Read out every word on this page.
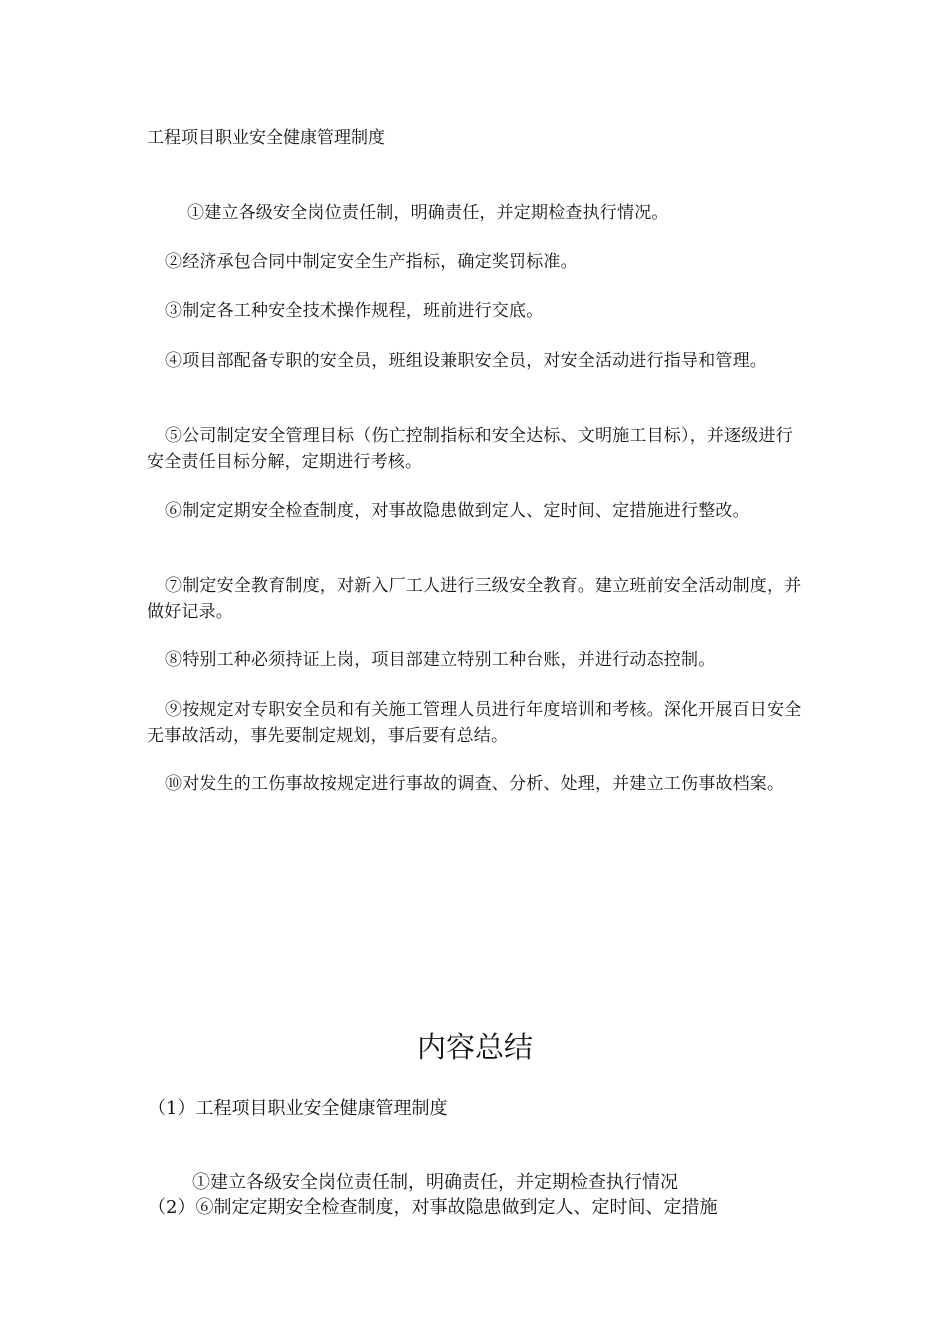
工程项目职业安全健康管理制度
①建立各级安全岗位责任制，明确责任，并定期检查执行情况。
②经济承包合同中制定安全生产指标，确定奖罚标准。
③制定各工种安全技术操作规程，班前进行交底。
④项目部配备专职的安全员，班组设兼职安全员，对安全活动进行指导和管理。
⑤公司制定安全管理目标（伤亡控制指标和安全达标、文明施工目标），并逐级进行安全责任目标分解，定期进行考核。
⑥制定定期安全检查制度，对事故隐患做到定人、定时间、定措施进行整改。
⑦制定安全教育制度，对新入厂工人进行三级安全教育。建立班前安全活动制度，并做好记录。
⑧特别工种必须持证上岗，项目部建立特别工种台账，并进行动态控制。
⑨按规定对专职安全员和有关施工管理人员进行年度培训和考核。深化开展百日安全无事故活动，事先要制定规划，事后要有总结。
⑩对发生的工伤事故按规定进行事故的调查、分析、处理，并建立工伤事故档案。
内容总结
（1）工程项目职业安全健康管理制度
①建立各级安全岗位责任制，明确责任，并定期检查执行情况
（2）⑥制定定期安全检查制度，对事故隐患做到定人、定时间、定措施
